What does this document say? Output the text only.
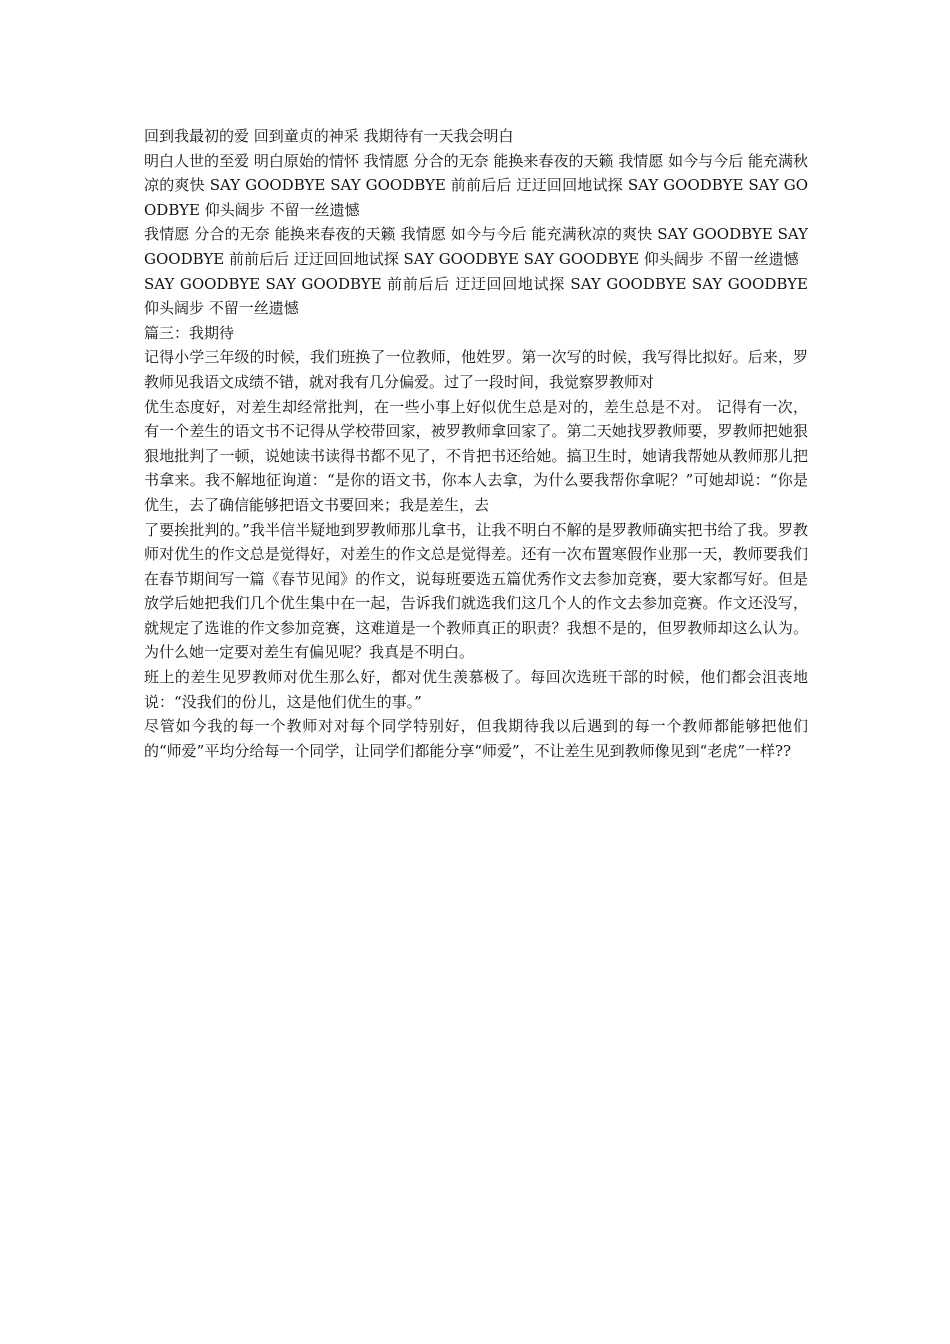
回到我最初的爱 回到童贞的神采 我期待有一天我会明白

明白人世的至爱 明白原始的情怀 我情愿 分合的无奈 能换来春夜的天籁 我情愿 如今与今后 能充满秋凉的爽快 SAY GOODBYE SAY GOODBYE 前前后后 迂迂回回地试探 SAY GOODBYE SAY GOODBYE 仰头阔步 不留一丝遗憾

我情愿 分合的无奈 能换来春夜的天籁 我情愿 如今与今后 能充满秋凉的爽快 SAY GOODBYE SAY GOODBYE 前前后后 迂迂回回地试探 SAY GOODBYE SAY GOODBYE 仰头阔步 不留一丝遗憾

SAY GOODBYE SAY GOODBYE 前前后后 迂迂回回地试探 SAY GOODBYE SAY GOODBYE 仰头阔步 不留一丝遗憾

篇三：我期待

记得小学三年级的时候，我们班换了一位教师，他姓罗。第一次写的时候，我写得比拟好。后来，罗教师见我语文成绩不错，就对我有几分偏爱。过了一段时间，我觉察罗教师对

优生态度好，对差生却经常批判，在一些小事上好似优生总是对的，差生总是不对。 记得有一次，有一个差生的语文书不记得从学校带回家，被罗教师拿回家了。第二天她找罗教师要，罗教师把她狠狠地批判了一顿，说她读书读得书都不见了，不肯把书还给她。搞卫生时，她请我帮她从教师那儿把书拿来。我不解地征询道：“是你的语文书，你本人去拿，为什么要我帮你拿呢？”可她却说：“你是优生，去了确信能够把语文书要回来；我是差生，去

了要挨批判的。”我半信半疑地到罗教师那儿拿书，让我不明白不解的是罗教师确实把书给了我。罗教师对优生的作文总是觉得好，对差生的作文总是觉得差。还有一次布置寒假作业那一天，教师要我们在春节期间写一篇《春节见闻》的作文，说每班要选五篇优秀作文去参加竞赛，要大家都写好。但是放学后她把我们几个优生集中在一起，告诉我们就选我们这几个人的作文去参加竞赛。作文还没写，就规定了选谁的作文参加竞赛，这难道是一个教师真正的职责？我想不是的，但罗教师却这么认为。为什么她一定要对差生有偏见呢？我真是不明白。

班上的差生见罗教师对优生那么好，都对优生羡慕极了。每回次选班干部的时候，他们都会沮丧地说：“没我们的份儿，这是他们优生的事。”

尽管如今我的每一个教师对对每个同学特别好，但我期待我以后遇到的每一个教师都能够把他们的“师爱”平均分给每一个同学，让同学们都能分享“师爱”，不让差生见到教师像见到“老虎”一样??
